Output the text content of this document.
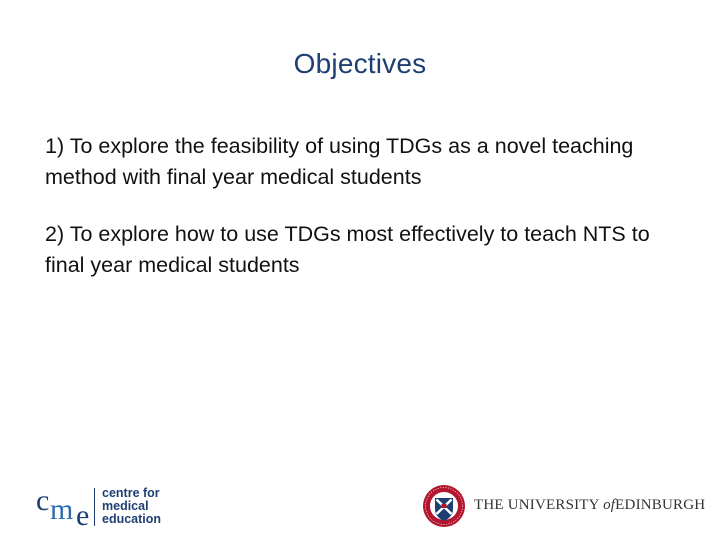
Objectives

1) To explore the feasibility of using TDGs as a novel teaching method with final year medical students

2) To explore how to use TDGs most effectively to teach NTS to final year medical students

c m e
centre for
medical
education
THE UNIVERSITY ofEDINBURGH
